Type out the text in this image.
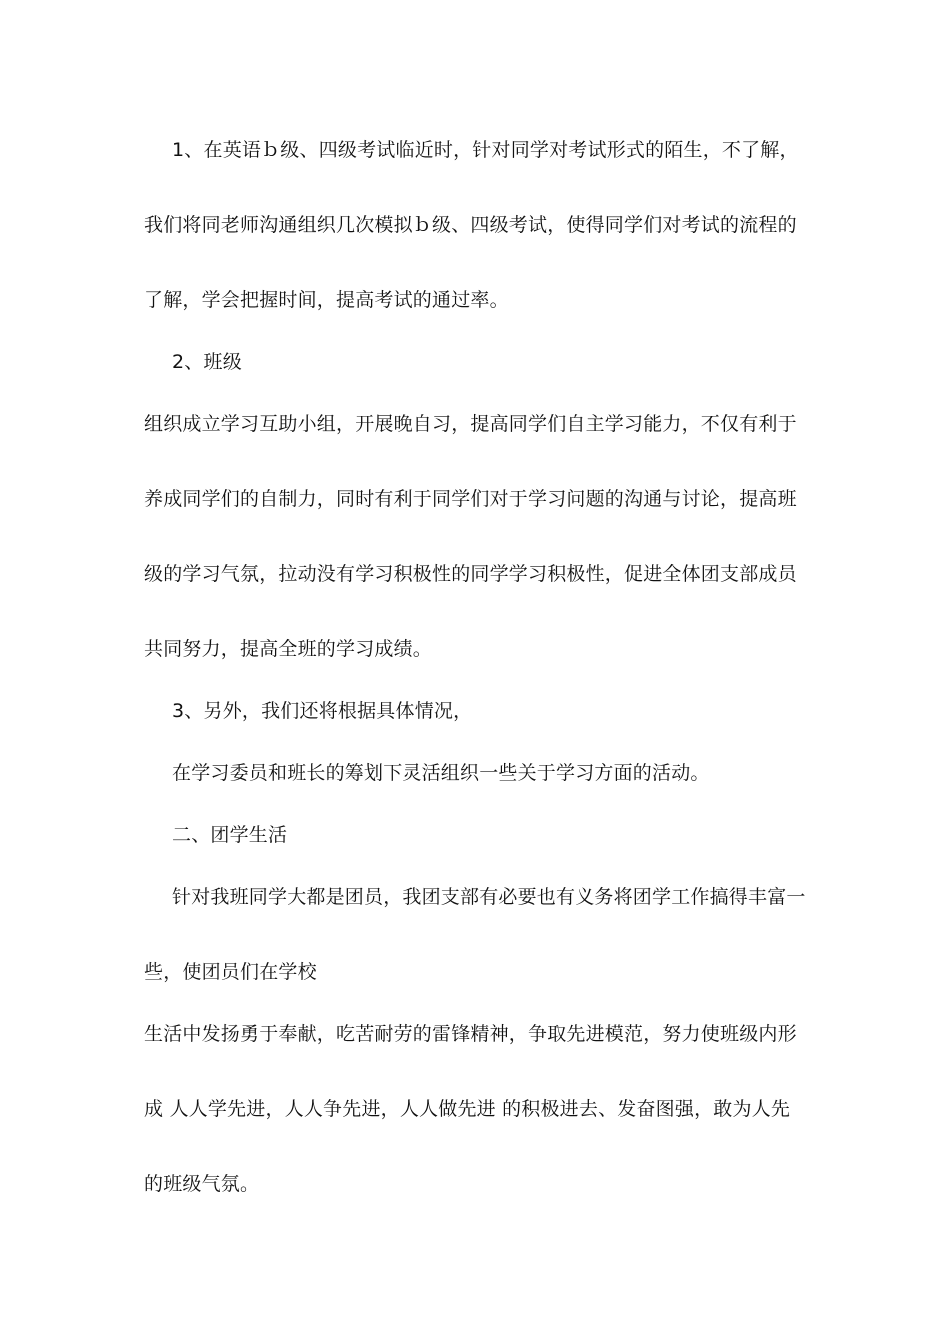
1、在英语ｂ级、四级考试临近时，针对同学对考试形式的陌生，不了解，
我们将同老师沟通组织几次模拟ｂ级、四级考试，使得同学们对考试的流程的
了解，学会把握时间，提高考试的通过率。
2、班级
组织成立学习互助小组，开展晚自习，提高同学们自主学习能力，不仅有利于
养成同学们的自制力，同时有利于同学们对于学习问题的沟通与讨论，提高班
级的学习气氛，拉动没有学习积极性的同学学习积极性，促进全体团支部成员
共同努力，提高全班的学习成绩。
3、另外，我们还将根据具体情况，
在学习委员和班长的筹划下灵活组织一些关于学习方面的活动。
二、团学生活
针对我班同学大都是团员，我团支部有必要也有义务将团学工作搞得丰富一
些，使团员们在学校
生活中发扬勇于奉献，吃苦耐劳的雷锋精神，争取先进模范，努力使班级内形
成 人人学先进，人人争先进，人人做先进 的积极进去、发奋图强，敢为人先
的班级气氛。
